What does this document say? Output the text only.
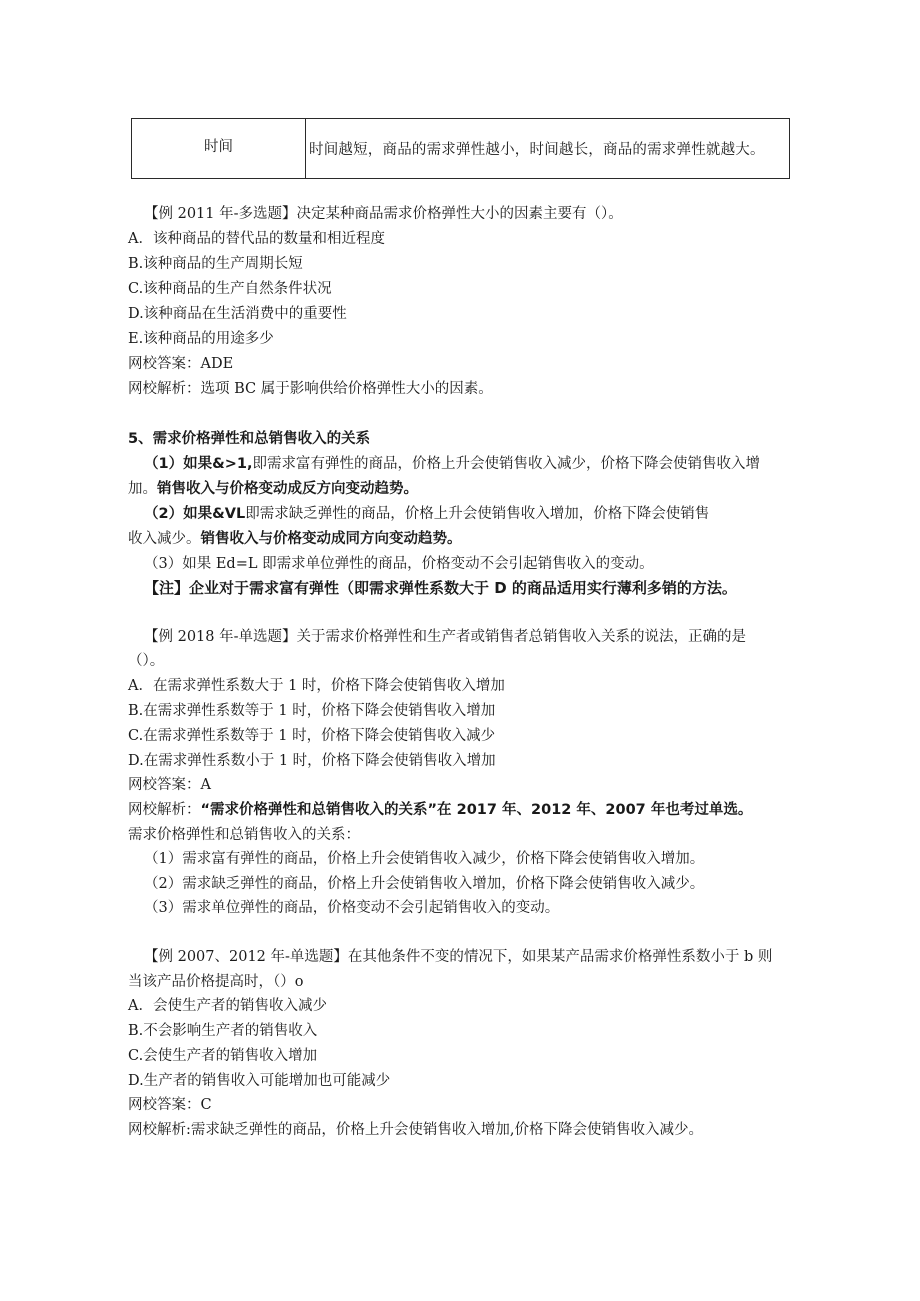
时间	时间越短，商品的需求弹性越小，时间越长，商品的需求弹性就越大。
【例 2011 年-多选题】决定某种商品需求价格弹性大小的因素主要有（）。
A．该种商品的替代品的数量和相近程度
B.该种商品的生产周期长短
C.该种商品的生产自然条件状况
D.该种商品在生活消费中的重要性
E.该种商品的用途多少
网校答案：ADE
网校解析：选项 BC 属于影响供给价格弹性大小的因素。
5、需求价格弹性和总销售收入的关系
（1）如果&>1,即需求富有弹性的商品，价格上升会使销售收入减少，价格下降会使销售收入增
加。销售收入与价格变动成反方向变动趋势。
（2）如果&VL即需求缺乏弹性的商品，价格上升会使销售收入增加，价格下降会使销售
收入减少。销售收入与价格变动成同方向变动趋势。
（3）如果 Ed=L 即需求单位弹性的商品，价格变动不会引起销售收入的变动。
【注】企业对于需求富有弹性（即需求弹性系数大于 D 的商品适用实行薄利多销的方法。
【例 2018 年-单选题】关于需求价格弹性和生产者或销售者总销售收入关系的说法，正确的是
（）。
A．在需求弹性系数大于 1 时，价格下降会使销售收入增加
B.在需求弹性系数等于 1 时，价格下降会使销售收入增加
C.在需求弹性系数等于 1 时，价格下降会使销售收入减少
D.在需求弹性系数小于 1 时，价格下降会使销售收入增加
网校答案：A
网校解析：“需求价格弹性和总销售收入的关系”在 2017 年、2012 年、2007 年也考过单选。
需求价格弹性和总销售收入的关系：
（1）需求富有弹性的商品，价格上升会使销售收入减少，价格下降会使销售收入增加。
（2）需求缺乏弹性的商品，价格上升会使销售收入增加，价格下降会使销售收入减少。
（3）需求单位弹性的商品，价格变动不会引起销售收入的变动。
【例 2007、2012 年-单选题】在其他条件不变的情况下，如果某产品需求价格弹性系数小于 b 则
当该产品价格提高时，（）o
A．会使生产者的销售收入减少
B.不会影响生产者的销售收入
C.会使生产者的销售收入增加
D.生产者的销售收入可能增加也可能减少
网校答案：C
网校解析:需求缺乏弹性的商品，价格上升会使销售收入增加,价格下降会使销售收入减少。
